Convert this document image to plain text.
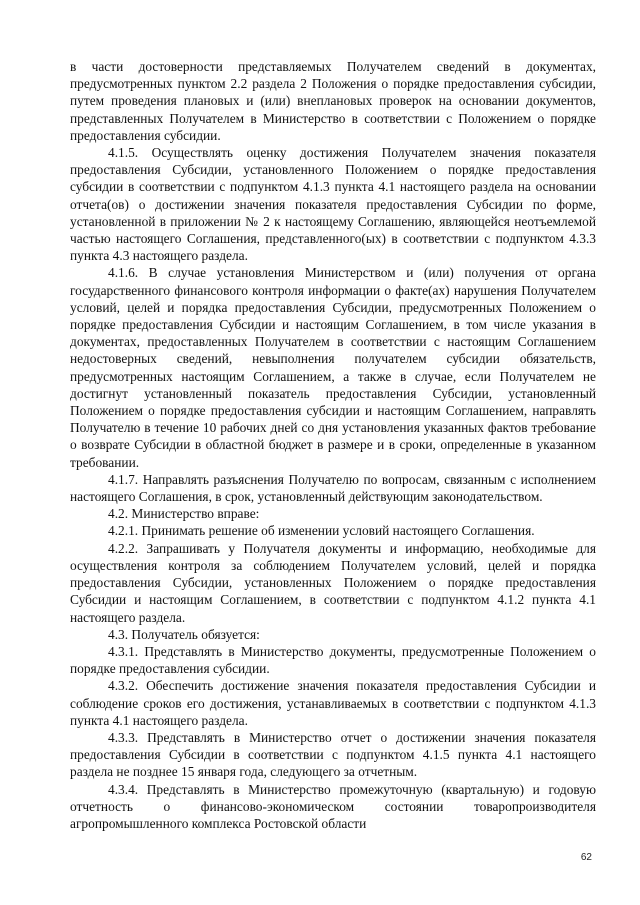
в части достоверности представляемых Получателем сведений в документах, предусмотренных пунктом 2.2 раздела 2 Положения о порядке предоставления субсидии, путем проведения плановых и (или) внеплановых проверок на основании документов, представленных Получателем в Министерство в соответствии с Положением о порядке предоставления субсидии.

4.1.5. Осуществлять оценку достижения Получателем значения показателя предоставления Субсидии, установленного Положением о порядке предоставления субсидии в соответствии с подпунктом 4.1.3 пункта 4.1 настоящего раздела на основании отчета(ов) о достижении значения показателя предоставления Субсидии по форме, установленной в приложении № 2 к настоящему Соглашению, являющейся неотъемлемой частью настоящего Соглашения, представленного(ых) в соответствии с подпунктом 4.3.3 пункта 4.3 настоящего раздела.

4.1.6. В случае установления Министерством и (или) получения от органа государственного финансового контроля информации о факте(ах) нарушения Получателем условий, целей и порядка предоставления Субсидии, предусмотренных Положением о порядке предоставления Субсидии и настоящим Соглашением, в том числе указания в документах, предоставленных Получателем в соответствии с настоящим Соглашением недостоверных сведений, невыполнения получателем субсидии обязательств, предусмотренных настоящим Соглашением, а также в случае, если Получателем не достигнут установленный показатель предоставления Субсидии, установленный Положением о порядке предоставления субсидии и настоящим Соглашением, направлять Получателю в течение 10 рабочих дней со дня установления указанных фактов требование о возврате Субсидии в областной бюджет в размере и в сроки, определенные в указанном требовании.

4.1.7. Направлять разъяснения Получателю по вопросам, связанным с исполнением настоящего Соглашения, в срок, установленный действующим законодательством.

4.2. Министерство вправе:

4.2.1. Принимать решение об изменении условий настоящего Соглашения.

4.2.2. Запрашивать у Получателя документы и информацию, необходимые для осуществления контроля за соблюдением Получателем условий, целей и порядка предоставления Субсидии, установленных Положением о порядке предоставления Субсидии и настоящим Соглашением, в соответствии с подпунктом 4.1.2 пункта 4.1 настоящего раздела.

4.3. Получатель обязуется:

4.3.1. Представлять в Министерство документы, предусмотренные Положением о порядке предоставления субсидии.

4.3.2. Обеспечить достижение значения показателя предоставления Субсидии и соблюдение сроков его достижения, устанавливаемых в соответствии с подпунктом 4.1.3 пункта 4.1 настоящего раздела.

4.3.3. Представлять в Министерство отчет о достижении значения показателя предоставления Субсидии в соответствии с подпунктом 4.1.5 пункта 4.1 настоящего раздела не позднее 15 января года, следующего за отчетным.

4.3.4. Представлять в Министерство промежуточную (квартальную) и годовую отчетность о финансово-экономическом состоянии товаропроизводителя агропромышленного комплекса Ростовской области

62
